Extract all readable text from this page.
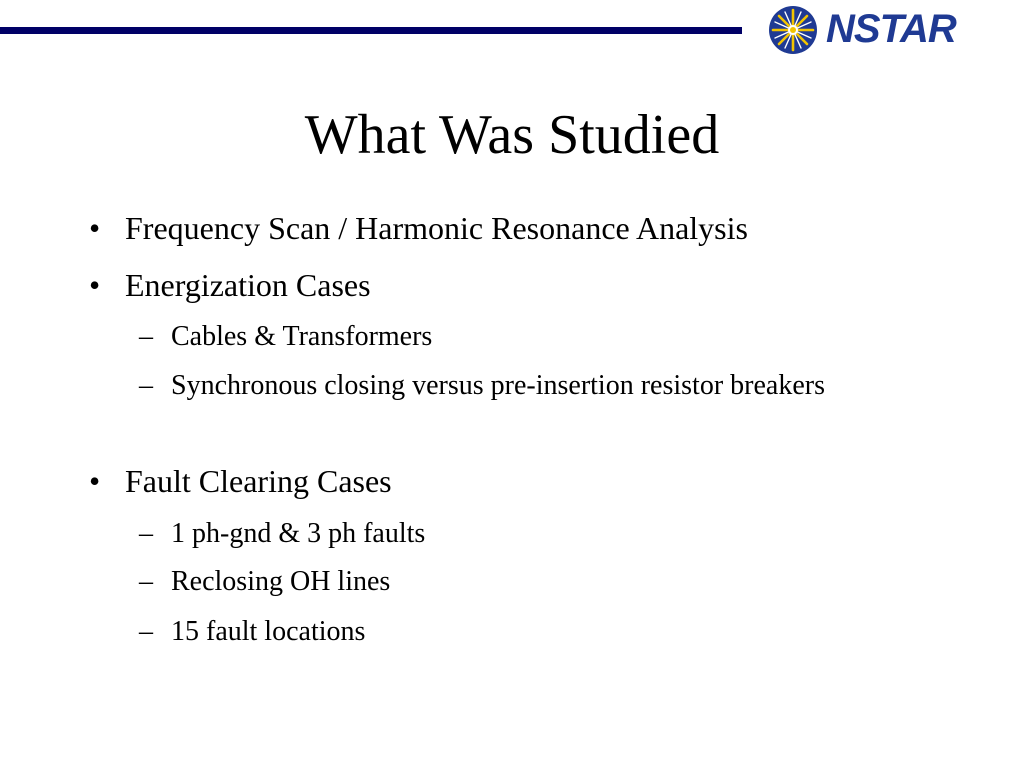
NSTAR
What Was Studied
• Frequency Scan / Harmonic Resonance Analysis
• Energization Cases
– Cables & Transformers
– Synchronous closing versus pre-insertion resistor breakers
• Fault Clearing Cases
– 1 ph-gnd & 3 ph faults
– Reclosing OH lines
– 15 fault locations
